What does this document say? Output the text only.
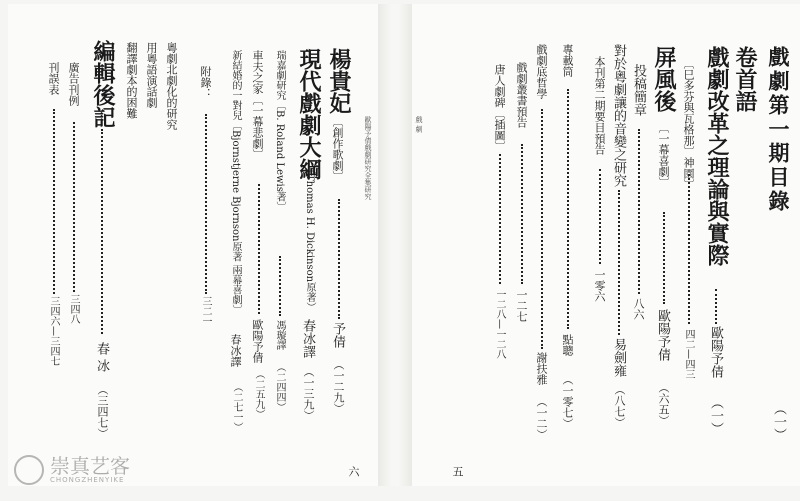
戲 劇	戲劇第一期目錄
（一）
卷首語
戲劇改革之理論與實際
歐陽予倩
（一）
〔巳多芬與瓦格那〕神園〕
四二—四三
屏風後
〔一幕喜劇〕
歐陽予倩
（六五）
投稿簡章
八六
對於粵劇讓的音變之研究
易劍雍
（八七）
本刊第二期要目預告
一零六
專載筒
點聰
（一零七）
戲劇底哲學
謝扶雅
（一二）
戲劇叢書預告
一二七
唐人劇碑〔插圖〕
一二八—一二八
五
歐陽予倩戲劇研究全集研究
楊貴妃
〔創作歌劇〕
予倩
（一二九）
現代戲劇大綱
（Thomas H. Dickinson原著）
春冰譯
（一三九）
瑞嘉劇研究〔B. Roland Lewis著〕
馮璇譯
（二四四）
車夫之家〔一幕悲劇〕
歐陽予倩
（二五九）
新結婚的一對兒〔Bjornstjerne Bjornson原著 兩幕喜劇〕
春冰譯
（二七一）
附錄：
三二一
粵劇北劇化的研究
用粵語演話劇
翻譯劇本的困難
編輯後記
春 冰
（三四七）
廣告刊例
三四八
刊誤表
三四六—三四七
六
崇真艺客
CHONGZHENYIKE
